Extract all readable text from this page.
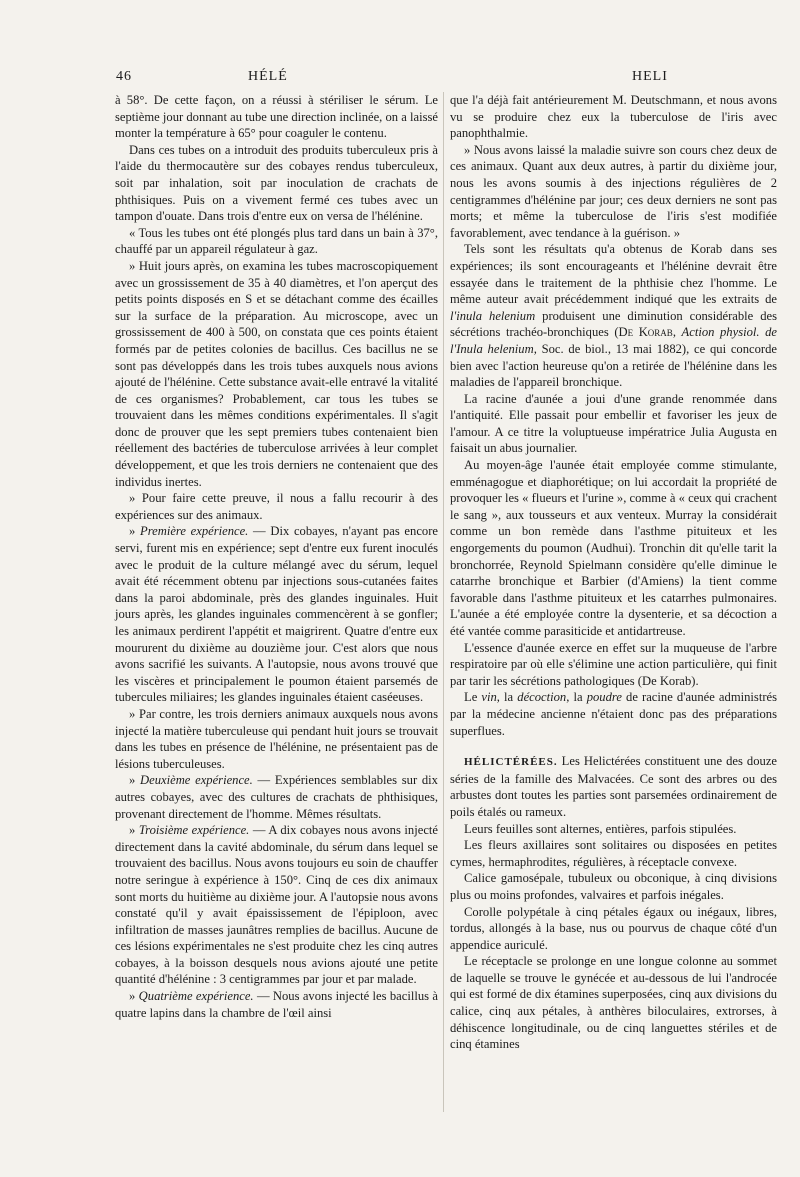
46	HÉLÉ	HELI

à 58°. De cette façon, on a réussi à stériliser le sérum. Le septième jour donnant au tube une direction inclinée, on a laissé monter la température à 65° pour coaguler le contenu.

Dans ces tubes on a introduit des produits tuberculeux pris à l'aide du thermocautère sur des cobayes rendus tuberculeux, soit par inhalation, soit par inoculation de crachats de phthisiques. Puis on a vivement fermé ces tubes avec un tampon d'ouate. Dans trois d'entre eux on versa de l'hélénine.

« Tous les tubes ont été plongés plus tard dans un bain à 37°, chauffé par un appareil régulateur à gaz.

» Huit jours après, on examina les tubes macroscopiquement avec un grossissement de 35 à 40 diamètres, et l'on aperçut des petits points disposés en S et se détachant comme des écailles sur la surface de la préparation. Au microscope, avec un grossissement de 400 à 500, on constata que ces points étaient formés par de petites colonies de bacillus. Ces bacillus ne se sont pas développés dans les trois tubes auxquels nous avions ajouté de l'hélénine. Cette substance avait-elle entravé la vitalité de ces organismes? Probablement, car tous les tubes se trouvaient dans les mêmes conditions expérimentales. Il s'agit donc de prouver que les sept premiers tubes contenaient bien réellement des bactéries de tuberculose arrivées à leur complet développement, et que les trois derniers ne contenaient que des individus inertes.

» Pour faire cette preuve, il nous a fallu recourir à des expériences sur des animaux.

» Première expérience. — Dix cobayes, n'ayant pas encore servi, furent mis en expérience; sept d'entre eux furent inoculés avec le produit de la culture mélangé avec du sérum, lequel avait été récemment obtenu par injections sous-cutanées faites dans la paroi abdominale, près des glandes inguinales. Huit jours après, les glandes inguinales commencèrent à se gonfler; les animaux perdirent l'appétit et maigrirent. Quatre d'entre eux moururent du dixième au douzième jour. C'est alors que nous avons sacrifié les suivants. A l'autopsie, nous avons trouvé que les viscères et principalement le poumon étaient parsemés de tubercules miliaires; les glandes inguinales étaient caséeuses.

» Par contre, les trois derniers animaux auxquels nous avons injecté la matière tuberculeuse qui pendant huit jours se trouvait dans les tubes en présence de l'hélénine, ne présentaient pas de lésions tuberculeuses.

» Deuxième expérience. — Expériences semblables sur dix autres cobayes, avec des cultures de crachats de phthisiques, provenant directement de l'homme. Mêmes résultats.

» Troisième expérience. — A dix cobayes nous avons injecté directement dans la cavité abdominale, du sérum dans lequel se trouvaient des bacillus. Nous avons toujours eu soin de chauffer notre seringue à expérience à 150°. Cinq de ces dix animaux sont morts du huitième au dixième jour. A l'autopsie nous avons constaté qu'il y avait épaississement de l'épiploon, avec infiltration de masses jaunâtres remplies de bacillus. Aucune de ces lésions expérimentales ne s'est produite chez les cinq autres cobayes, à la boisson desquels nous avions ajouté une petite quantité d'hélénine : 3 centigrammes par jour et par malade.

» Quatrième expérience. — Nous avons injecté les bacillus à quatre lapins dans la chambre de l'œil ainsi

que l'a déjà fait antérieurement M. Deutschmann, et nous avons vu se produire chez eux la tuberculose de l'iris avec panophthalmie.

» Nous avons laissé la maladie suivre son cours chez deux de ces animaux. Quant aux deux autres, à partir du dixième jour, nous les avons soumis à des injections régulières de 2 centigrammes d'hélénine par jour; ces deux derniers ne sont pas morts; et même la tuberculose de l'iris s'est modifiée favorablement, avec tendance à la guérison. »

Tels sont les résultats qu'a obtenus de Korab dans ses expériences; ils sont encourageants et l'hélénine devrait être essayée dans le traitement de la phthisie chez l'homme. Le même auteur avait précédemment indiqué que les extraits de l'inula helenium produisent une diminution considérable des sécrétions trachéo-bronchiques (De Korab, Action physiol. de l'Inula helenium, Soc. de biol., 13 mai 1882), ce qui concorde bien avec l'action heureuse qu'on a retirée de l'hélénine dans les maladies de l'appareil bronchique.

La racine d'aunée a joui d'une grande renommée dans l'antiquité. Elle passait pour embellir et favoriser les jeux de l'amour. A ce titre la voluptueuse impératrice Julia Augusta en faisait un abus journalier.

Au moyen-âge l'aunée était employée comme stimulante, emménagogue et diaphorétique; on lui accordait la propriété de provoquer les « flueurs et l'urine », comme à « ceux qui crachent le sang », aux tousseurs et aux venteux. Murray la considérait comme un bon remède dans l'asthme pituiteux et les engorgements du poumon (Audhui). Tronchin dit qu'elle tarit la bronchorrée, Reynold Spielmann considère qu'elle diminue le catarrhe bronchique et Barbier (d'Amiens) la tient comme favorable dans l'asthme pituiteux et les catarrhes pulmonaires. L'aunée a été employée contre la dysenterie, et sa décoction a été vantée comme parasiticide et antidartreuse.

L'essence d'aunée exerce en effet sur la muqueuse de l'arbre respiratoire par où elle s'élimine une action particulière, qui finit par tarir les sécrétions pathologiques (De Korab).

Le vin, la décoction, la poudre de racine d'aunée administrés par la médecine ancienne n'étaient donc pas des préparations superflues.

HÉLICTÉRÉES. Les Helictérées constituent une des douze séries de la famille des Malvacées. Ce sont des arbres ou des arbustes dont toutes les parties sont parsemées ordinairement de poils étalés ou rameux.

Leurs feuilles sont alternes, entières, parfois stipulées.

Les fleurs axillaires sont solitaires ou disposées en petites cymes, hermaphrodites, régulières, à réceptacle convexe.

Calice gamosépale, tubuleux ou obconique, à cinq divisions plus ou moins profondes, valvaires et parfois inégales.

Corolle polypétale à cinq pétales égaux ou inégaux, libres, tordus, allongés à la base, nus ou pourvus de chaque côté d'un appendice auriculé.

Le réceptacle se prolonge en une longue colonne au sommet de laquelle se trouve le gynécée et au-dessous de lui l'androcée qui est formé de dix étamines superposées, cinq aux divisions du calice, cinq aux pétales, à anthères biloculaires, extrorses, à déhiscence longitudinale, ou de cinq languettes stériles et de cinq étamines
